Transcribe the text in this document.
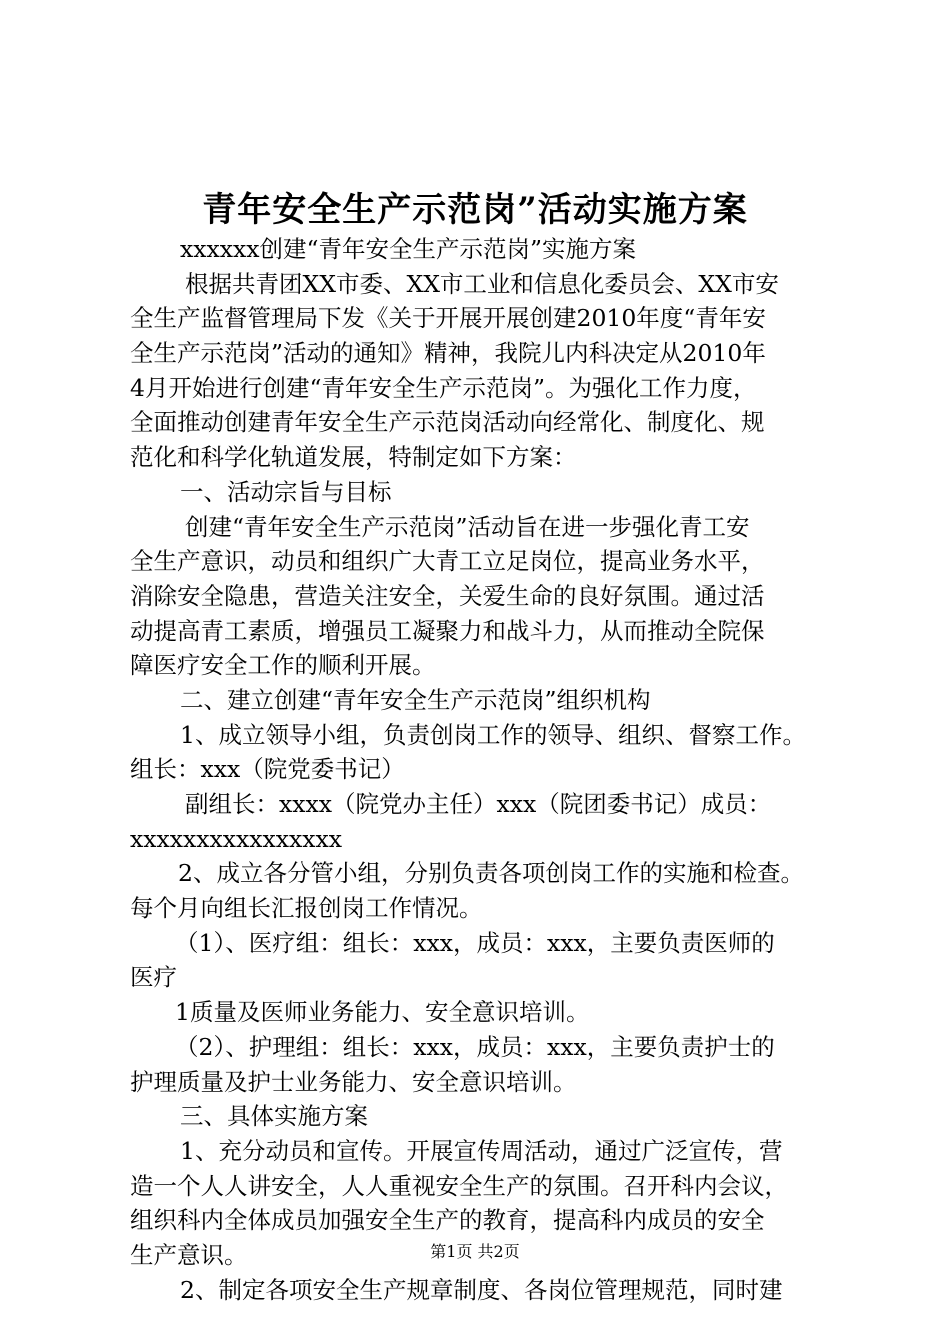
青年安全生产示范岗”活动实施方案
xxxxxx创建“青年安全生产示范岗”实施方案
根据共青团XX市委、XX市工业和信息化委员会、XX市安
全生产监督管理局下发《关于开展开展创建2010年度“青年安
全生产示范岗”活动的通知》精神，我院儿内科决定从2010年
4月开始进行创建“青年安全生产示范岗”。为强化工作力度，
全面推动创建青年安全生产示范岗活动向经常化、制度化、规
范化和科学化轨道发展，特制定如下方案：
一、活动宗旨与目标
创建“青年安全生产示范岗”活动旨在进一步强化青工安
全生产意识，动员和组织广大青工立足岗位，提高业务水平，
消除安全隐患，营造关注安全，关爱生命的良好氛围。通过活
动提高青工素质，增强员工凝聚力和战斗力，从而推动全院保
障医疗安全工作的顺利开展。
二、建立创建“青年安全生产示范岗”组织机构
1、成立领导小组，负责创岗工作的领导、组织、督察工作。
组长：xxx（院党委书记）
副组长：xxxx（院党办主任）xxx（院团委书记）成员：
xxxxxxxxxxxxxxxx
2、成立各分管小组，分别负责各项创岗工作的实施和检查。
每个月向组长汇报创岗工作情况。
（1）、医疗组：组长：xxx，成员：xxx，主要负责医师的
医疗
1质量及医师业务能力、安全意识培训。
（2）、护理组：组长：xxx，成员：xxx，主要负责护士的
护理质量及护士业务能力、安全意识培训。
三、具体实施方案
1、充分动员和宣传。开展宣传周活动，通过广泛宣传，营
造一个人人讲安全，人人重视安全生产的氛围。召开科内会议，
组织科内全体成员加强安全生产的教育，提高科内成员的安全
生产意识。
2、制定各项安全生产规章制度、各岗位管理规范，同时建
第1页 共2页
